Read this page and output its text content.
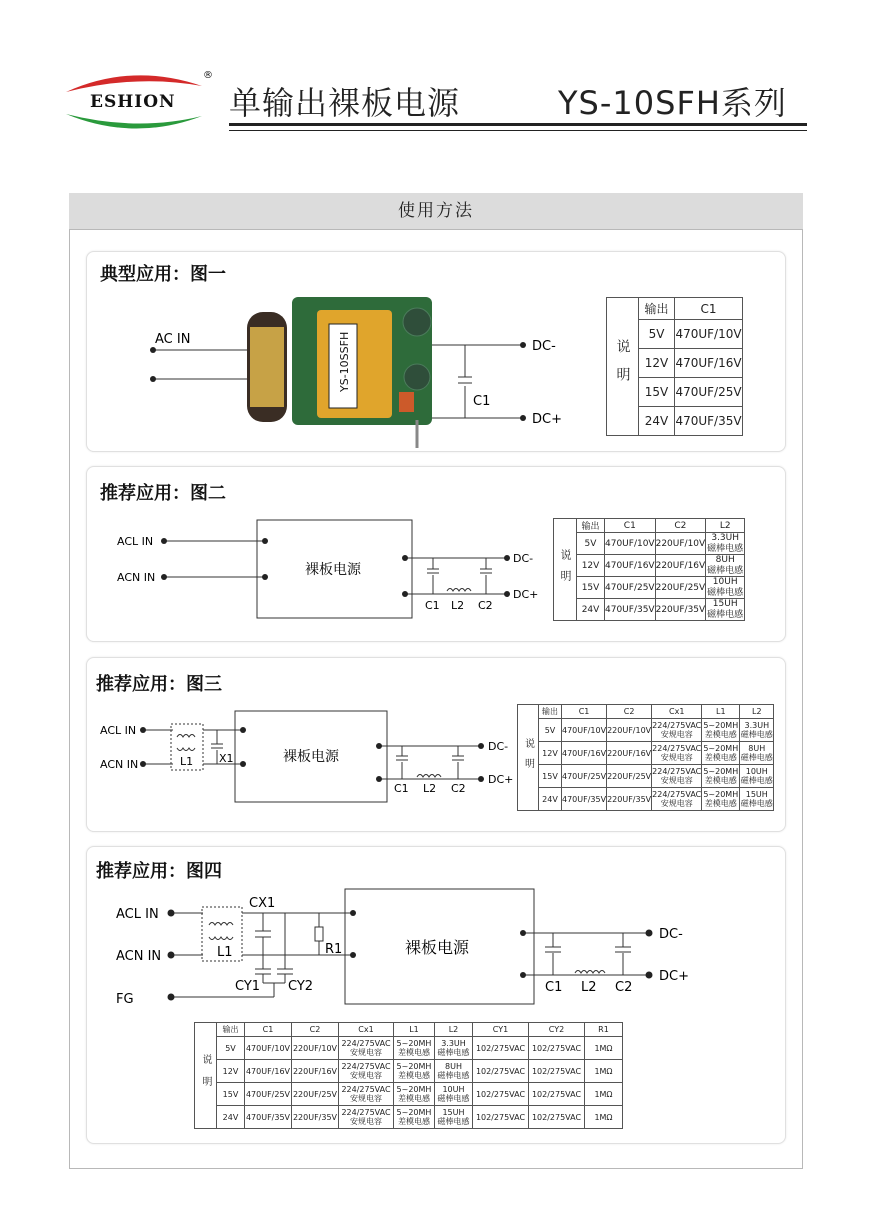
ESHION
®
单输出裸板电源	YS-10SFH系列
使用方法
典型应用：图一
AC IN	DC-
DC+
C1
YS-10SSFH	说明	输出	C1
	5V	470UF/10V
	12V	470UF/16V
	15V	470UF/25V
	24V	470UF/35V
推荐应用：图二
ACL IN
ACN IN	裸板电源
DC-
DC+
C1 L2 C2
说明	输出	C1	C2	L2
	5V	470UF/10V	220UF/10V	3.3UH
磁棒电感

	12V	470UF/16V	220UF/16V	8UH
磁棒电感

	15V	470UF/25V	220UF/25V	10UH
磁棒电感

	24V	470UF/35V	220UF/35V	15UH
磁棒电感
推荐应用：图三
ACL IN
ACN IN	L1 X1	裸板电源
DC-
DC+
C1 L2 C2
说明	输出	C1	C2	Cx1	L1	L2
	5V	470UF/10V	220UF/10V	224/275VAC
安规电容	5~20MH
差模电感	3.3UH
磁棒电感

	12V	470UF/16V	220UF/16V	224/275VAC
安规电容	5~20MH
差模电感	8UH
磁棒电感

	15V	470UF/25V	220UF/25V	224/275VAC
安规电容	5~20MH
差模电感	10UH
磁棒电感

	24V	470UF/35V	220UF/35V	224/275VAC
安规电容	5~20MH
差模电感	15UH
磁棒电感
推荐应用：图四
ACL IN
ACN IN
FG
CX1
L1	R1
CY1 CY2
裸板电源
DC-
DC+
C1 L2 C2
说明	输出	C1	C2	Cx1	L1	L2	CY1	CY2	R1
	5V	470UF/10V	220UF/10V	224/275VAC
安规电容	5~20MH
差模电感	3.3UH
磁棒电感	102/275VAC	102/275VAC	1MΩ
	12V	470UF/16V	220UF/16V	224/275VAC
安规电容	5~20MH
差模电感	8UH
磁棒电感	102/275VAC	102/275VAC	1MΩ
	15V	470UF/25V	220UF/25V	224/275VAC
安规电容	5~20MH
差模电感	10UH
磁棒电感	102/275VAC	102/275VAC	1MΩ
	24V	470UF/35V	220UF/35V	224/275VAC
安规电容	5~20MH
差模电感	15UH
磁棒电感	102/275VAC	102/275VAC	1MΩ
